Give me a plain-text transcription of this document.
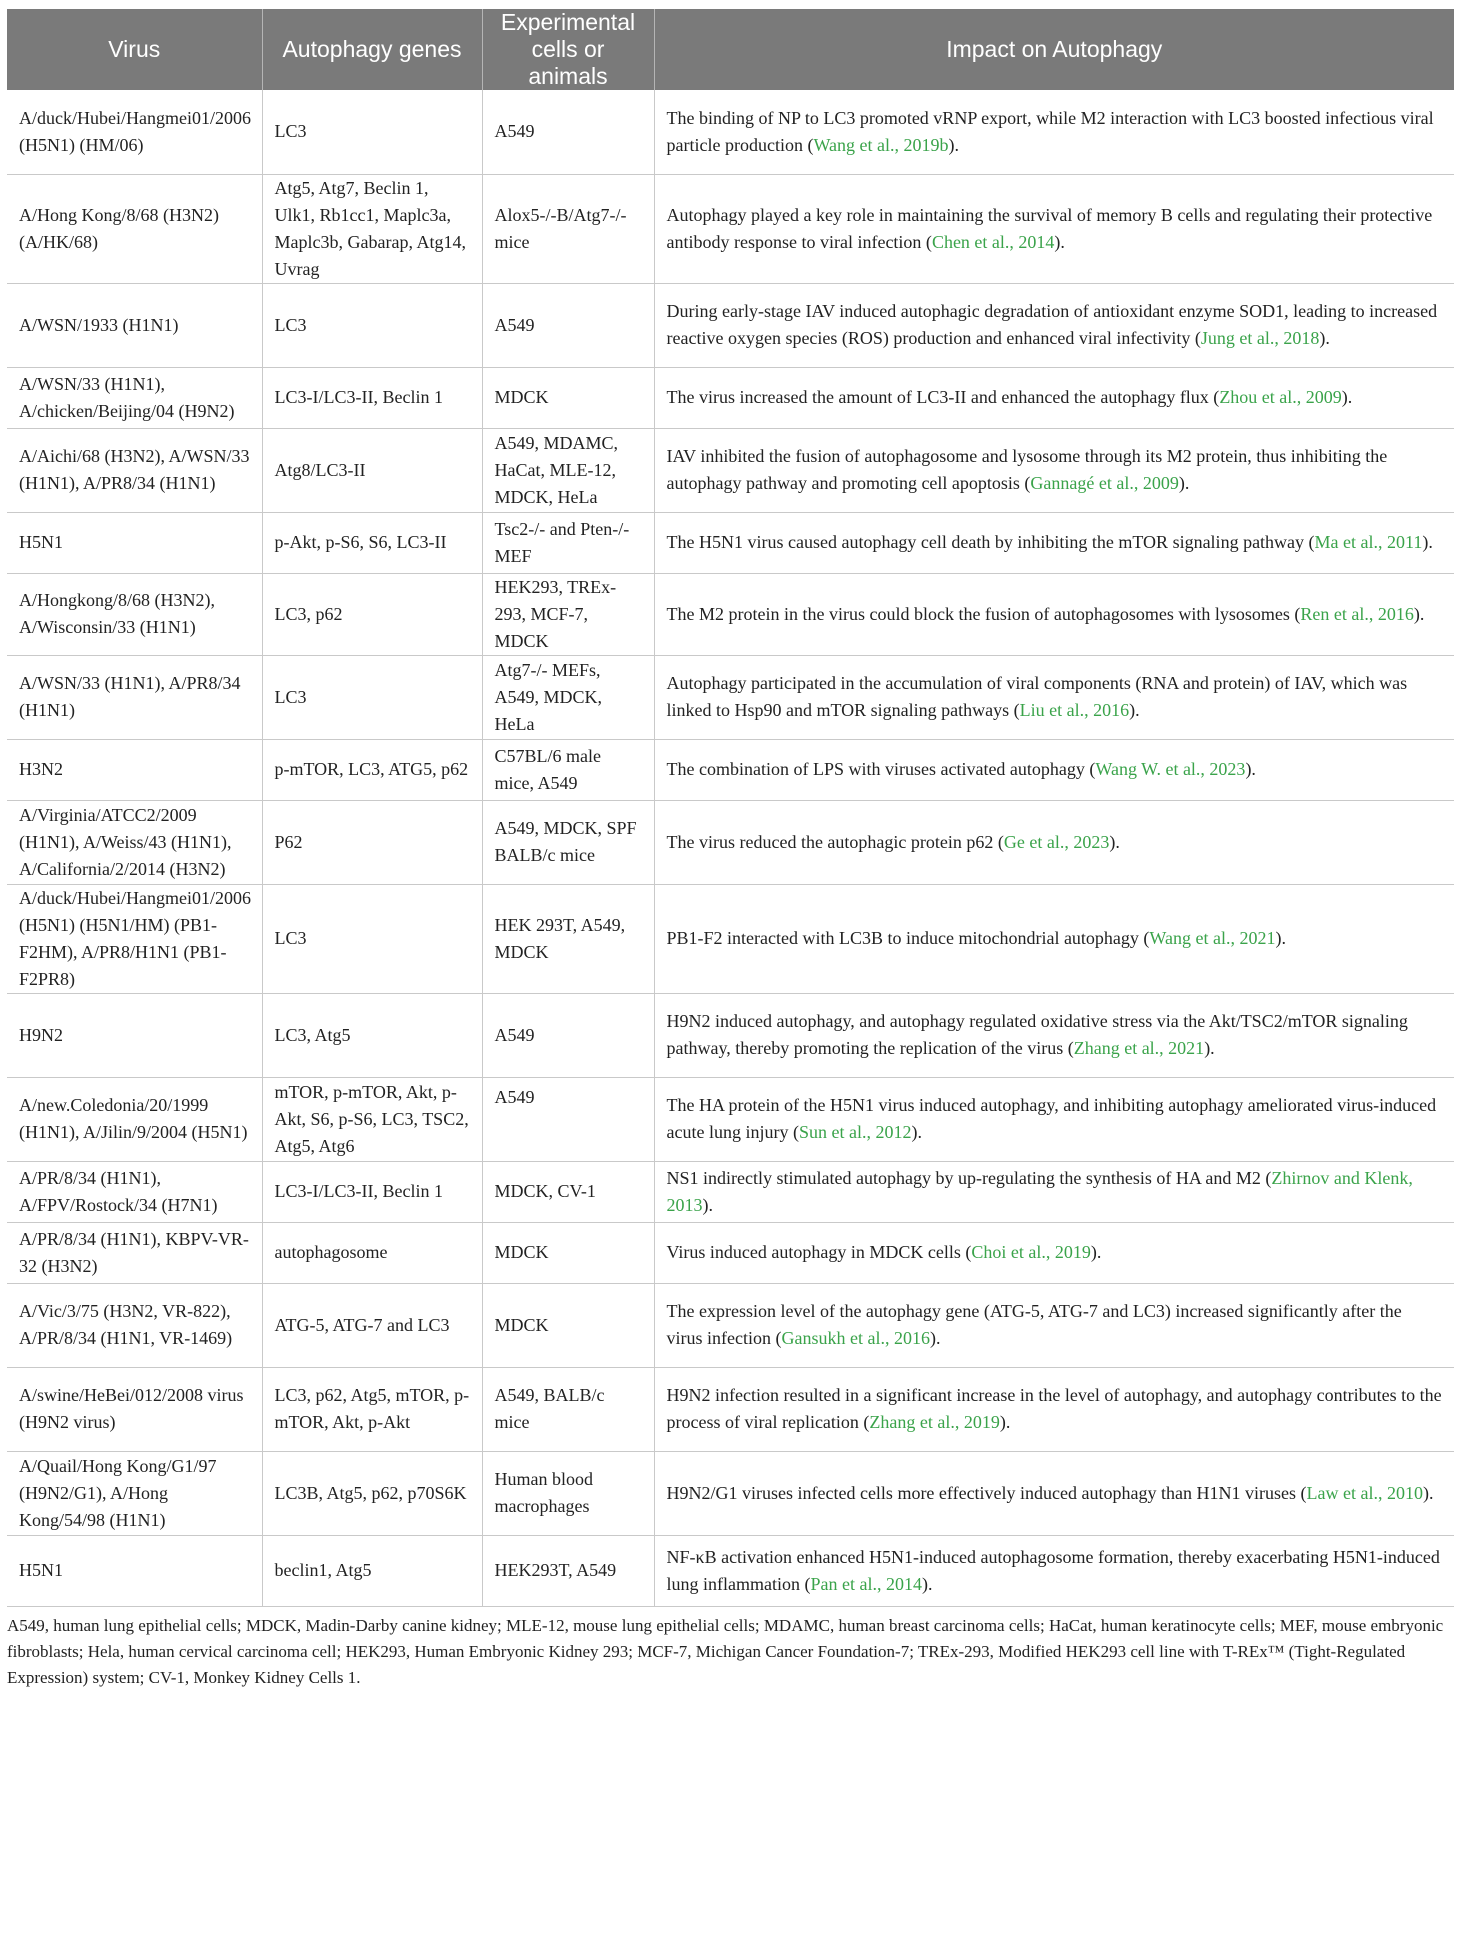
Virus	Autophagy genes	Experimental cells or animals	Impact on Autophagy
A/duck/Hubei/Hangmei01/2006 (H5N1) (HM/06)	LC3	A549	The binding of NP to LC3 promoted vRNP export, while M2 interaction with LC3 boosted infectious viral particle production (Wang et al., 2019b).
A/Hong Kong/8/68 (H3N2) (A/HK/68)	Atg5, Atg7, Beclin 1, Ulk1, Rb1cc1, Maplc3a, Maplc3b, Gabarap, Atg14, Uvrag	Alox5-/-B/Atg7-/-mice	Autophagy played a key role in maintaining the survival of memory B cells and regulating their protective antibody response to viral infection (Chen et al., 2014).
A/WSN/1933 (H1N1)	LC3	A549	During early-stage IAV induced autophagic degradation of antioxidant enzyme SOD1, leading to increased reactive oxygen species (ROS) production and enhanced viral infectivity (Jung et al., 2018).
A/WSN/33 (H1N1), A/chicken/Beijing/04 (H9N2)	LC3-I/LC3-II, Beclin 1	MDCK	The virus increased the amount of LC3-II and enhanced the autophagy flux (Zhou et al., 2009).
A/Aichi/68 (H3N2), A/WSN/33 (H1N1), A/PR8/34 (H1N1)	Atg8/LC3-II	A549, MDAMC, HaCat, MLE-12, MDCK, HeLa	IAV inhibited the fusion of autophagosome and lysosome through its M2 protein, thus inhibiting the autophagy pathway and promoting cell apoptosis (Gannagé et al., 2009).
H5N1	p-Akt, p-S6, S6, LC3-II	Tsc2-/- and Pten-/- MEF	The H5N1 virus caused autophagy cell death by inhibiting the mTOR signaling pathway (Ma et al., 2011).
A/Hongkong/8/68 (H3N2), A/Wisconsin/33 (H1N1)	LC3, p62	HEK293, TREx-293, MCF-7, MDCK	The M2 protein in the virus could block the fusion of autophagosomes with lysosomes (Ren et al., 2016).
A/WSN/33 (H1N1), A/PR8/34 (H1N1)	LC3	Atg7-/- MEFs, A549, MDCK, HeLa	Autophagy participated in the accumulation of viral components (RNA and protein) of IAV, which was linked to Hsp90 and mTOR signaling pathways (Liu et al., 2016).
H3N2	p-mTOR, LC3, ATG5, p62	C57BL/6 male mice, A549	The combination of LPS with viruses activated autophagy (Wang W. et al., 2023).
A/Virginia/ATCC2/2009 (H1N1), A/Weiss/43 (H1N1), A/California/2/2014 (H3N2)	P62	A549, MDCK, SPF BALB/c mice	The virus reduced the autophagic protein p62 (Ge et al., 2023).
A/duck/Hubei/Hangmei01/2006 (H5N1) (H5N1/HM) (PB1-F2HM), A/PR8/H1N1 (PB1-F2PR8)	LC3	HEK 293T, A549, MDCK	PB1-F2 interacted with LC3B to induce mitochondrial autophagy (Wang et al., 2021).
H9N2	LC3, Atg5	A549	H9N2 induced autophagy, and autophagy regulated oxidative stress via the Akt/TSC2/mTOR signaling pathway, thereby promoting the replication of the virus (Zhang et al., 2021).
A/new.Coledonia/20/1999 (H1N1), A/Jilin/9/2004 (H5N1)	mTOR, p-mTOR, Akt, p-Akt, S6, p-S6, LC3, TSC2, Atg5, Atg6	A549	The HA protein of the H5N1 virus induced autophagy, and inhibiting autophagy ameliorated virus-induced acute lung injury (Sun et al., 2012).
A/PR/8/34 (H1N1), A/FPV/Rostock/34 (H7N1)	LC3-I/LC3-II, Beclin 1	MDCK, CV-1	NS1 indirectly stimulated autophagy by up-regulating the synthesis of HA and M2 (Zhirnov and Klenk, 2013).
A/PR/8/34 (H1N1), KBPV-VR-32 (H3N2)	autophagosome	MDCK	Virus induced autophagy in MDCK cells (Choi et al., 2019).
A/Vic/3/75 (H3N2, VR-822), A/PR/8/34 (H1N1, VR-1469)	ATG-5, ATG-7 and LC3	MDCK	The expression level of the autophagy gene (ATG-5, ATG-7 and LC3) increased significantly after the virus infection (Gansukh et al., 2016).
A/swine/HeBei/012/2008 virus (H9N2 virus)	LC3, p62, Atg5, mTOR, p-mTOR, Akt, p-Akt	A549, BALB/c mice	H9N2 infection resulted in a significant increase in the level of autophagy, and autophagy contributes to the process of viral replication (Zhang et al., 2019).
A/Quail/Hong Kong/G1/97 (H9N2/G1), A/Hong Kong/54/98 (H1N1)	LC3B, Atg5, p62, p70S6K	Human blood macrophages	H9N2/G1 viruses infected cells more effectively induced autophagy than H1N1 viruses (Law et al., 2010).
H5N1	beclin1, Atg5	HEK293T, A549	NF-κB activation enhanced H5N1-induced autophagosome formation, thereby exacerbating H5N1-induced lung inflammation (Pan et al., 2014).
A549, human lung epithelial cells; MDCK, Madin-Darby canine kidney; MLE-12, mouse lung epithelial cells; MDAMC, human breast carcinoma cells; HaCat, human keratinocyte cells; MEF, mouse embryonic fibroblasts; Hela, human cervical carcinoma cell; HEK293, Human Embryonic Kidney 293; MCF-7, Michigan Cancer Foundation-7; TREx-293, Modified HEK293 cell line with T-REx™ (Tight-Regulated Expression) system; CV-1, Monkey Kidney Cells 1.
